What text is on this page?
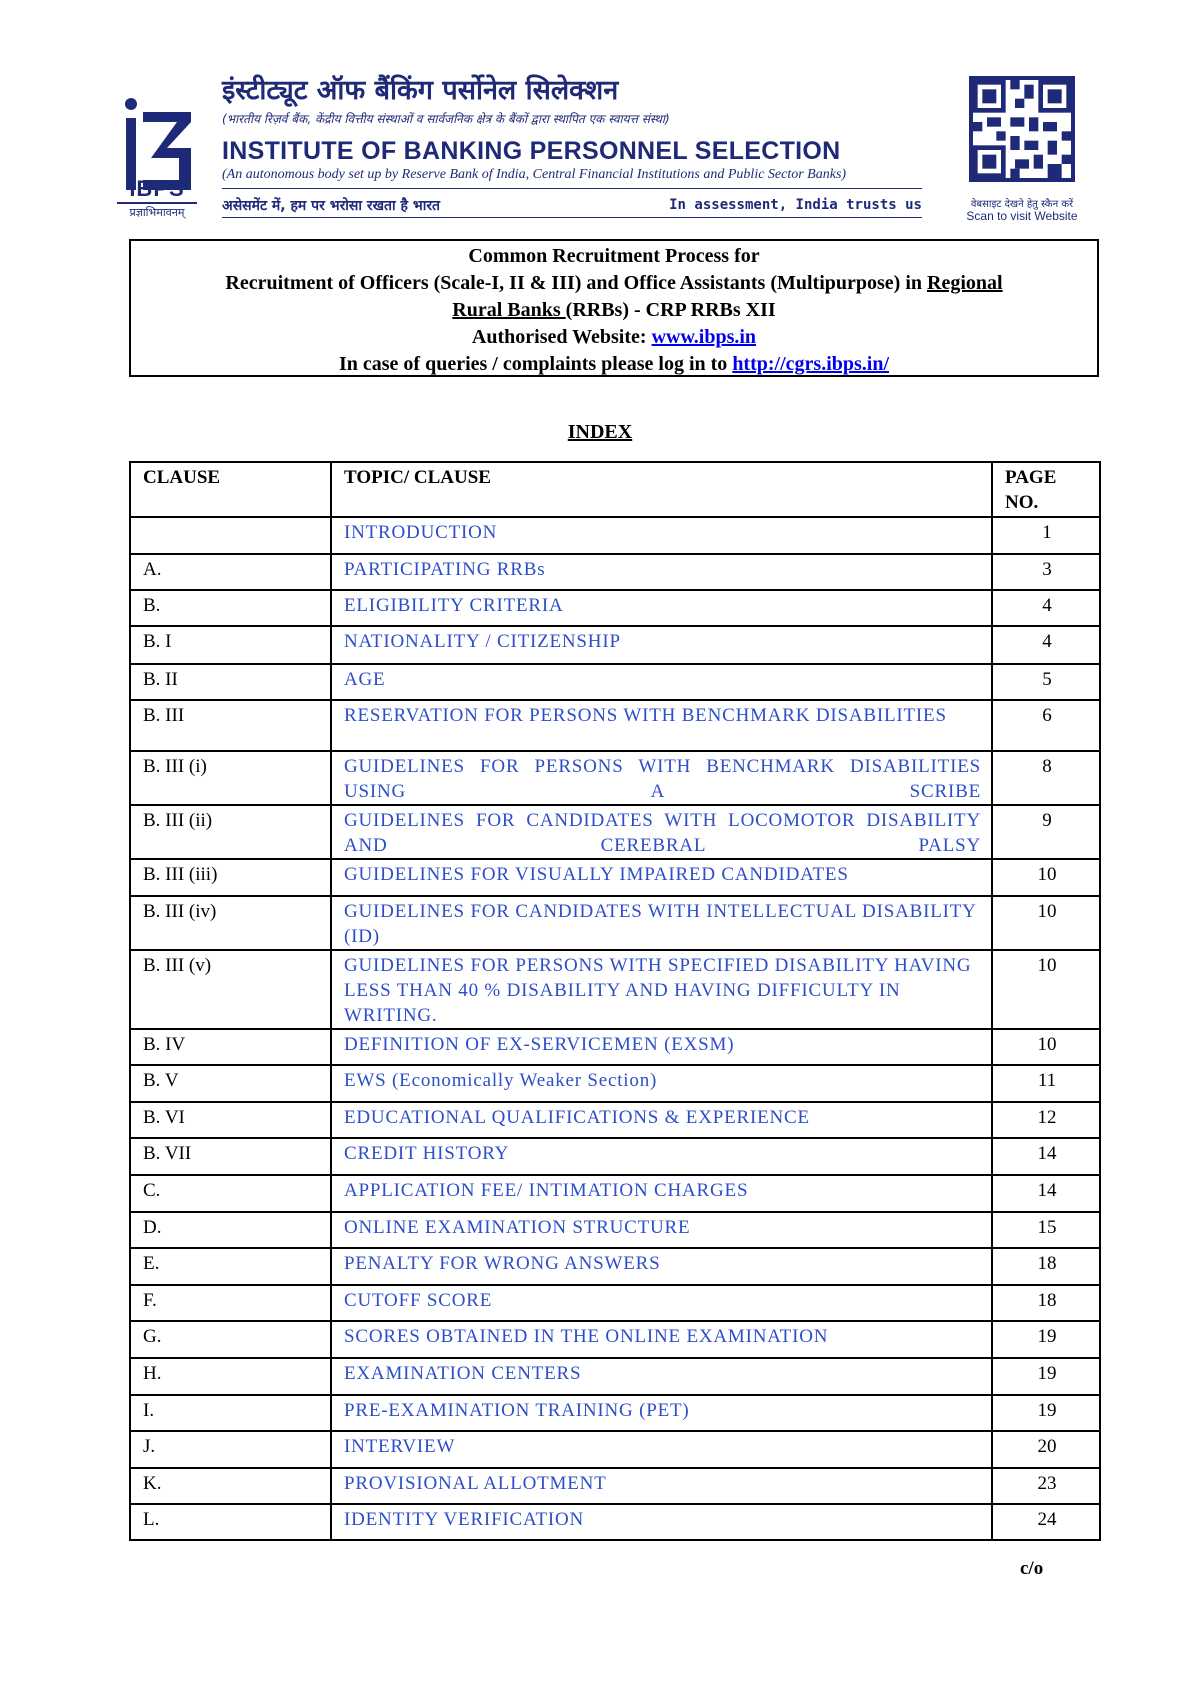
IBPS
प्रज्ञाभिमावनम्
इंस्टीट्यूट ऑफ बैंकिंग पर्सोनेल सिलेक्शन
(भारतीय रिज़र्व बैंक, केंद्रीय वित्तीय संस्थाओं व सार्वजनिक क्षेत्र के बैंकों द्वारा स्थापित एक स्वायत्त संस्था)
INSTITUTE OF BANKING PERSONNEL SELECTION
(An autonomous body set up by Reserve Bank of India, Central Financial Institutions and Public Sector Banks)
असेसमेंट में, हम पर भरोसा रखता है भारत	In assessment, India trusts us	वेबसाइट देखने हेतु स्कैन करें
Scan to visit Website
Common Recruitment Process for
Recruitment of Officers (Scale-I, II & III) and Office Assistants (Multipurpose) in Regional
Rural Banks (RRBs) - CRP RRBs XII
Authorised Website: www.ibps.in
In case of queries / complaints please log in to http://cgrs.ibps.in/
INDEX
CLAUSE	TOPIC/ CLAUSE	PAGE NO.
	INTRODUCTION	1
A.	PARTICIPATING RRBs	3
B.	ELIGIBILITY CRITERIA	4
B. I	NATIONALITY / CITIZENSHIP	4
B. II	AGE	5
B. III	RESERVATION FOR PERSONS WITH BENCHMARK DISABILITIES	6
B. III (i)	GUIDELINES FOR PERSONS WITH BENCHMARK DISABILITIES USING A SCRIBE	8
B. III (ii)	GUIDELINES FOR CANDIDATES WITH LOCOMOTOR DISABILITY AND CEREBRAL PALSY	9
B. III (iii)	GUIDELINES FOR VISUALLY IMPAIRED CANDIDATES	10
B. III (iv)	GUIDELINES FOR CANDIDATES WITH INTELLECTUAL DISABILITY (ID)	10
B. III (v)	GUIDELINES FOR PERSONS WITH SPECIFIED DISABILITY HAVING LESS THAN 40 % DISABILITY AND HAVING DIFFICULTY IN WRITING.	10
B. IV	DEFINITION OF EX-SERVICEMEN (EXSM)	10
B. V	EWS (Economically Weaker Section)	11
B. VI	EDUCATIONAL QUALIFICATIONS & EXPERIENCE	12
B. VII	CREDIT HISTORY	14
C.	APPLICATION FEE/ INTIMATION CHARGES	14
D.	ONLINE EXAMINATION STRUCTURE	15
E.	PENALTY FOR WRONG ANSWERS	18
F.	CUTOFF SCORE	18
G.	SCORES OBTAINED IN THE ONLINE EXAMINATION	19
H.	EXAMINATION CENTERS	19
I.	PRE-EXAMINATION TRAINING (PET)	19
J.	INTERVIEW	20
K.	PROVISIONAL ALLOTMENT	23
L.	IDENTITY VERIFICATION	24
c/o
